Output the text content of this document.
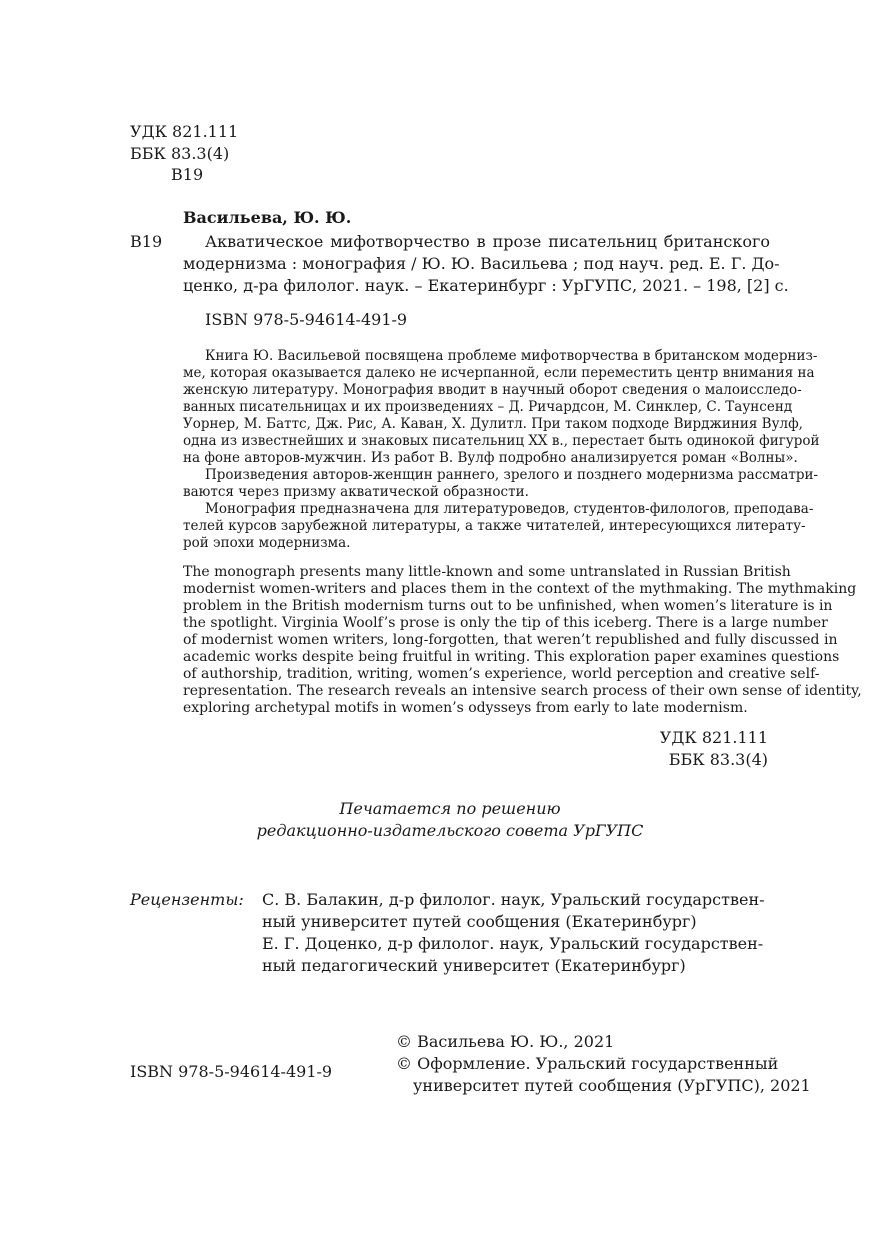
УДК 821.111
ББК 83.3(4)
В19
Васильева, Ю. Ю.
В19	Акватическое мифотворчество в прозе писательниц британского
модернизма : монография / Ю. Ю. Васильева ; под науч. ред. Е. Г. До-
ценко, д-ра филолог. наук. – Екатеринбург : УрГУПС, 2021. – 198, [2] с.
ISBN 978-5-94614-491-9
Книга Ю. Васильевой посвящена проблеме мифотворчества в британском модерниз-
ме, которая оказывается далеко не исчерпанной, если переместить центр внимания на
женскую литературу. Монография вводит в научный оборот сведения о малоисследо-
ванных писательницах и их произведениях – Д. Ричардсон, М. Синклер, С. Таунсенд
Уорнер, М. Баттс, Дж. Рис, А. Каван, Х. Дулитл. При таком подходе Вирджиния Вулф,
одна из известнейших и знаковых писательниц XX в., перестает быть одинокой фигурой
на фоне авторов-мужчин. Из работ В. Вулф подробно анализируется роман «Волны».
Произведения авторов-женщин раннего, зрелого и позднего модернизма рассматри-
ваются через призму акватической образности.
Монография предназначена для литературоведов, студентов-филологов, преподава-
телей курсов зарубежной литературы, а также читателей, интересующихся литерату-
рой эпохи модернизма.
The monograph presents many little-known and some untranslated in Russian British
modernist women-writers and places them in the context of the mythmaking. The mythmaking
problem in the British modernism turns out to be unfinished, when women’s literature is in
the spotlight. Virginia Woolf’s prose is only the tip of this iceberg. There is a large number
of modernist women writers, long-forgotten, that weren’t republished and fully discussed in
academic works despite being fruitful in writing. This exploration paper examines questions
of authorship, tradition, writing, women’s experience, world perception and creative self-
representation. The research reveals an intensive search process of their own sense of identity,
exploring archetypal motifs in women’s odysseys from early to late modernism.
УДК 821.111
ББК 83.3(4)
Печатается по решению
редакционно-издательского совета УрГУПС
Рецензенты: С. В. Балакин, д-р филолог. наук, Уральский государствен-
ный университет путей сообщения (Екатеринбург)
Е. Г. Доценко, д-р филолог. наук, Уральский государствен-
ный педагогический университет (Екатеринбург)
ISBN 978-5-94614-491-9
© Васильева Ю. Ю., 2021
© Оформление. Уральский государственный
университет путей сообщения (УрГУПС), 2021
